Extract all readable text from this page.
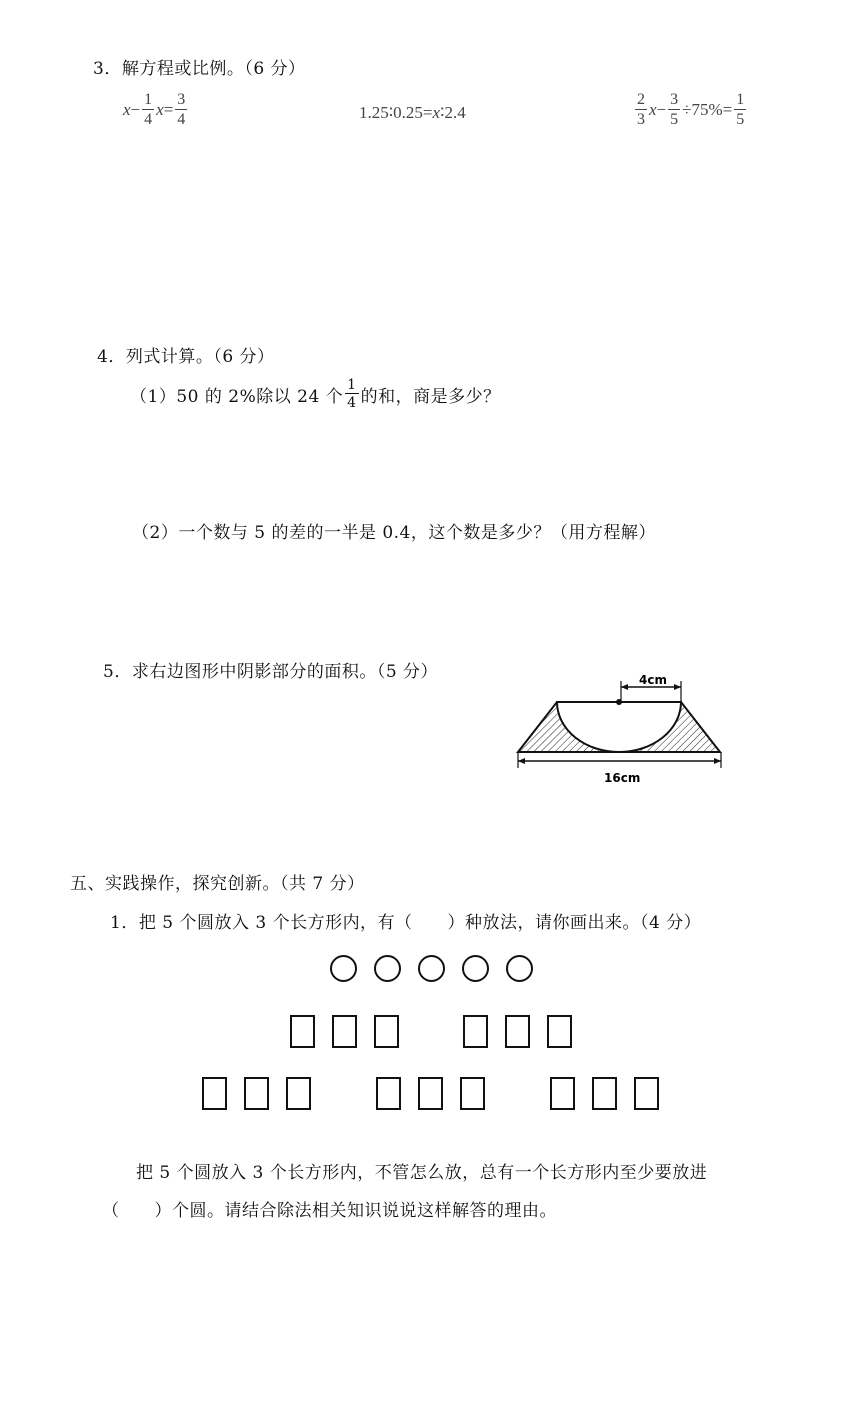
3．解方程或比例。（6 分）
$x - \frac{1}{4}$ $x = \frac{3}{4}$	1.25∶0.25=x∶2.4	$\frac{2}{3}$ $x - \frac{3}{5} \div 75\%= \frac{1}{5}$
4．列式计算。（6 分）
（1）50 的 2%除以 24 个 $\frac{1}{4}$ 的和，商是多少？
（2）一个数与 5 的差的一半是 0.4，这个数是多少？（用方程解）
5．求右边图形中阴影部分的面积。（5 分）	4cm
16cm
五、实践操作，探究创新。（共 7 分）
1．把 5 个圆放入 3 个长方形内，有（　　）种放法，请你画出来。（4 分）
把 5 个圆放入 3 个长方形内，不管怎么放，总有一个长方形内至少要放进
（　　）个圆。请结合除法相关知识说说这样解答的理由。
